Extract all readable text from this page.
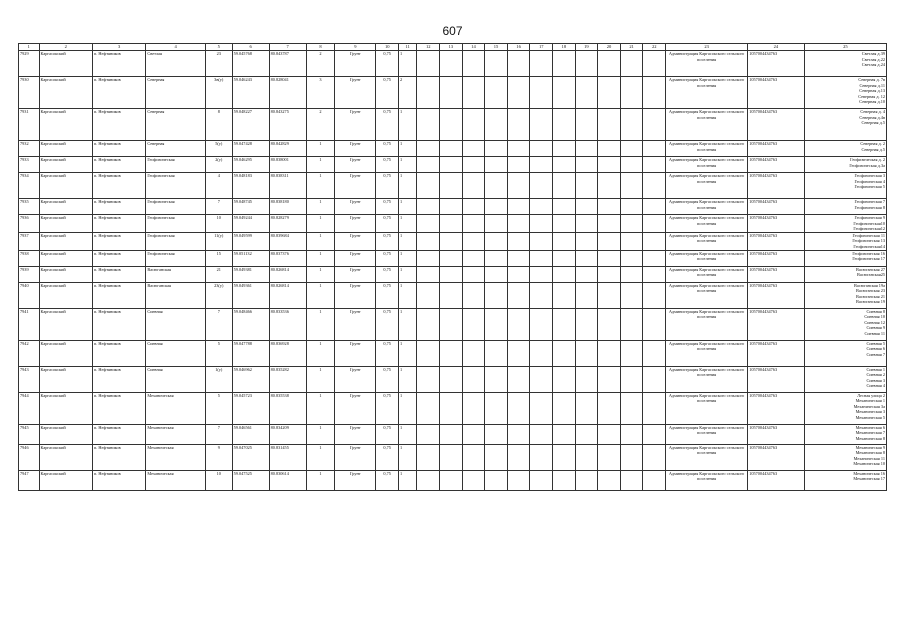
607
1	2	3	4	5	6	7	8	9	10	11	12	13	14	15	16	17	18	19	20	21	22	23	24	25
7929	Каргасокский	п. Нефтяников	Светлая	23	59.045768	80.843787	2	Грунт	0,75	1												Администрация Каргасокского сельского поселения	1057004434763	Светлая д.39
Светлая д.22
Светлая д.24

7930	Каргасокский	п. Нефтяников	Северная	3в(у)	59.046243	80.828041	3	Грунт	0,75	2												Администрация Каргасокского сельского поселения	1057004434763	Северная д. 7в
Северная д.11
Северная д.13
Северная д. 12
Северная д.10

7931	Каргасокский	п. Нефтяников	Северная	8	59.048227	80.843275	2	Грунт	0,75	1												Администрация Каргасокского сельского поселения	1057004434763	Северная д. 4
Северная д.4в
Северная д.5

7932	Каргасокский	п. Нефтяников	Северная	5(у)	59.047428	80.842829	1	Грунт	0,75	1												Администрация Каргасокского сельского поселения	1057004434763	Северная д. 2
Северная д.5

7933	Каргасокский	п. Нефтяников	Геофизическая	2(у)	59.046295	80.838001	1	Грунт	0,75	1												Администрация Каргасокского сельского поселения	1057004434763	Геофизическая д. 2
Геофизическая д.3а

7934	Каргасокский	п. Нефтяников	Геофизическая	4	59.048183	80.838311	1	Грунт	0,75	1												Администрация Каргасокского сельского поселения	1057004434763	Геофизическая 3
Геофизическая 4
Геофизическая 5

7935	Каргасокский	п. Нефтяников	Геофизическая	7	59.048745	80.838180	1	Грунт	0,75	1												Администрация Каргасокского сельского поселения	1057004434763	Геофизическая 7
Геофизическая 8

7936	Каргасокский	п. Нефтяников	Геофизическая	10	59.049244	80.828279	1	Грунт	0,75	1												Администрация Каргасокского сельского поселения	1057004434763	Геофизическая 9
Геофизическая10
Геофизическая12

7937	Каргасокский	п. Нефтяников	Геофизическая	11(у)	59.049599	80.839684	1	Грунт	0,75	1												Администрация Каргасокского сельского поселения	1057004434763	Геофизическая 11
Геофизическая 13
Геофизическая14

7938	Каргасокский	п. Нефтяников	Геофизическая	15	59.051132	80.837376	1	Грунт	0,75	1												Администрация Каргасокского сельского поселения	1057004434763	Геофизическая 16
Геофизическая 17

7939	Каргасокский	п. Нефтяников	Васюганская	21	59.049381	80.826814	1	Грунт	0,75	1												Администрация Каргасокского сельского поселения	1057004434763	Васюганская 27
Васюганская25

7940	Каргасокский	п. Нефтяников	Васюганская	23(у)	59.049361	80.826814	1	Грунт	0,75	1												Администрация Каргасокского сельского поселения	1057004434763	Васюганская 19а
Васюганская 23
Васюганская 21
Васюганская 19

7941	Каргасокский	п. Нефтяников	Сиевная	7	59.048466	80.833536	1	Грунт	0,75	1												Администрация Каргасокского сельского поселения	1057004434763	Сиевная 8
Сиевная 10
Сиевная 12
Сиевная 9
Сиевная 11

7942	Каргасокский	п. Нефтяников	Сиевная	5	59.047788	80.836928	1	Грунт	0,75	1												Администрация Каргасокского сельского поселения	1057004434763	Сиевная 5
Сиевная 6
Сиевная 7

7943	Каргасокский	п. Нефтяников	Сиевная	1(у)	59.046962	80.835282	1	Грунт	0,75	1												Администрация Каргасокского сельского поселения	1057004434763	Сиевная 1
Сиевная 2
Сиевная 3
Сиевная 4

7944	Каргасокский	п. Нефтяников	Механическая	5	59.045723	80.835538	1	Грунт	0,75	1												Администрация Каргасокского сельского поселения	1057004434763	Лесная улица 2
Механическая 1
Механическая 3а
Механическая 3
Механическая 5

7945	Каргасокский	п. Нефтяников	Механическая	7	59.046561	80.834209	1	Грунт	0,75	1												Администрация Каргасокского сельского поселения	1057004434763	Механическая 6
Механическая 7
Механическая 8

7946	Каргасокский	п. Нефтяников	Механическая	9	59.047025	80.831455	1	Грунт	0,75	1												Администрация Каргасокского сельского поселения	1057004434763	Механическая 9
Механическая 8
Механическая 11
Механическая 10

7947	Каргасокский	п. Нефтяников	Механическая	10	59.047525	80.830614	1	Грунт	0,75	1												Администрация Каргасокского сельского поселения	1057004434763	Механическая 16
Механическая 17
